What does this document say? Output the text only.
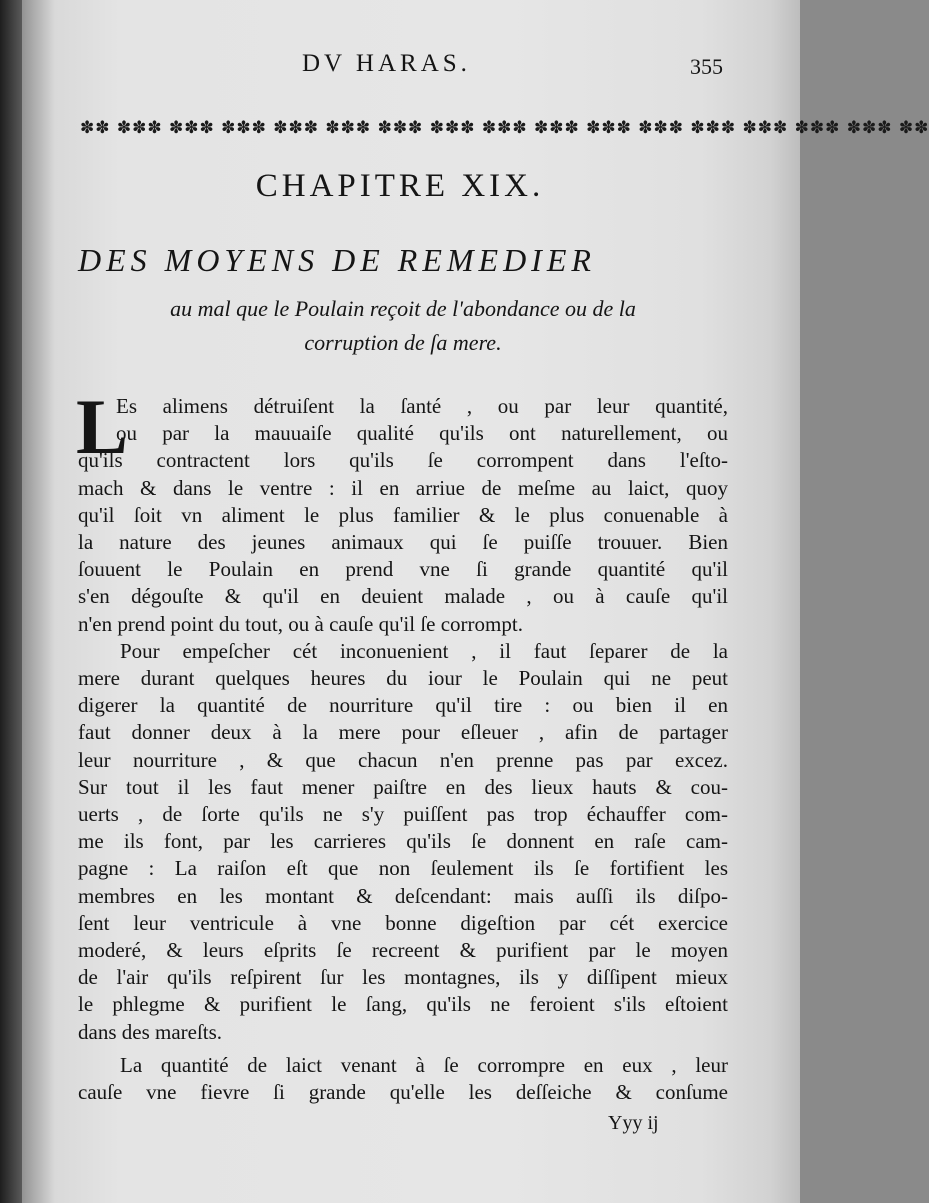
DV HARAS.	355
✽✽ ✽✽✽ ✽✽✽ ✽✽✽ ✽✽✽ ✽✽✽ ✽✽✽ ✽✽✽ ✽✽✽ ✽✽✽ ✽✽✽ ✽✽✽ ✽✽✽ ✽✽✽ ✽✽✽ ✽✽✽ ✽✽
CHAPITRE XIX.
DES MOYENS DE REMEDIER
au mal que le Poulain reçoit de l'abondance ou de la
corruption de ſa mere.
L
Es alimens détruiſent la ſanté , ou par leur quantité,
ou par la mauuaiſe qualité qu'ils ont naturellement, ou
qu'ils contractent lors qu'ils ſe corrompent dans l'eſto-
mach & dans le ventre : il en arriue de meſme au laict, quoy
qu'il ſoit vn aliment le plus familier & le plus conuenable à
la nature des jeunes animaux qui ſe puiſſe trouuer. Bien
ſouuent le Poulain en prend vne ſi grande quantité qu'il
s'en dégouſte & qu'il en deuient malade , ou à cauſe qu'il
n'en prend point du tout, ou à cauſe qu'il ſe corrompt.
Pour empeſcher cét inconuenient , il faut ſeparer de la
mere durant quelques heures du iour le Poulain qui ne peut
digerer la quantité de nourriture qu'il tire : ou bien il en
faut donner deux à la mere pour eſleuer , afin de partager
leur nourriture , & que chacun n'en prenne pas par excez.
Sur tout il les faut mener paiſtre en des lieux hauts & cou-
uerts , de ſorte qu'ils ne s'y puiſſent pas trop échauffer com-
me ils font, par les carrieres qu'ils ſe donnent en raſe cam-
pagne : La raiſon eſt que non ſeulement ils ſe fortifient les
membres en les montant & deſcendant: mais auſſi ils diſpo-
ſent leur ventricule à vne bonne digeſtion par cét exercice
moderé, & leurs eſprits ſe recreent & purifient par le moyen
de l'air qu'ils reſpirent ſur les montagnes, ils y diſſipent mieux
le phlegme & purifient le ſang, qu'ils ne feroient s'ils eſtoient
dans des mareſts.
La quantité de laict venant à ſe corrompre en eux , leur
cauſe vne fievre ſi grande qu'elle les deſſeiche & conſume
Yyy ij
